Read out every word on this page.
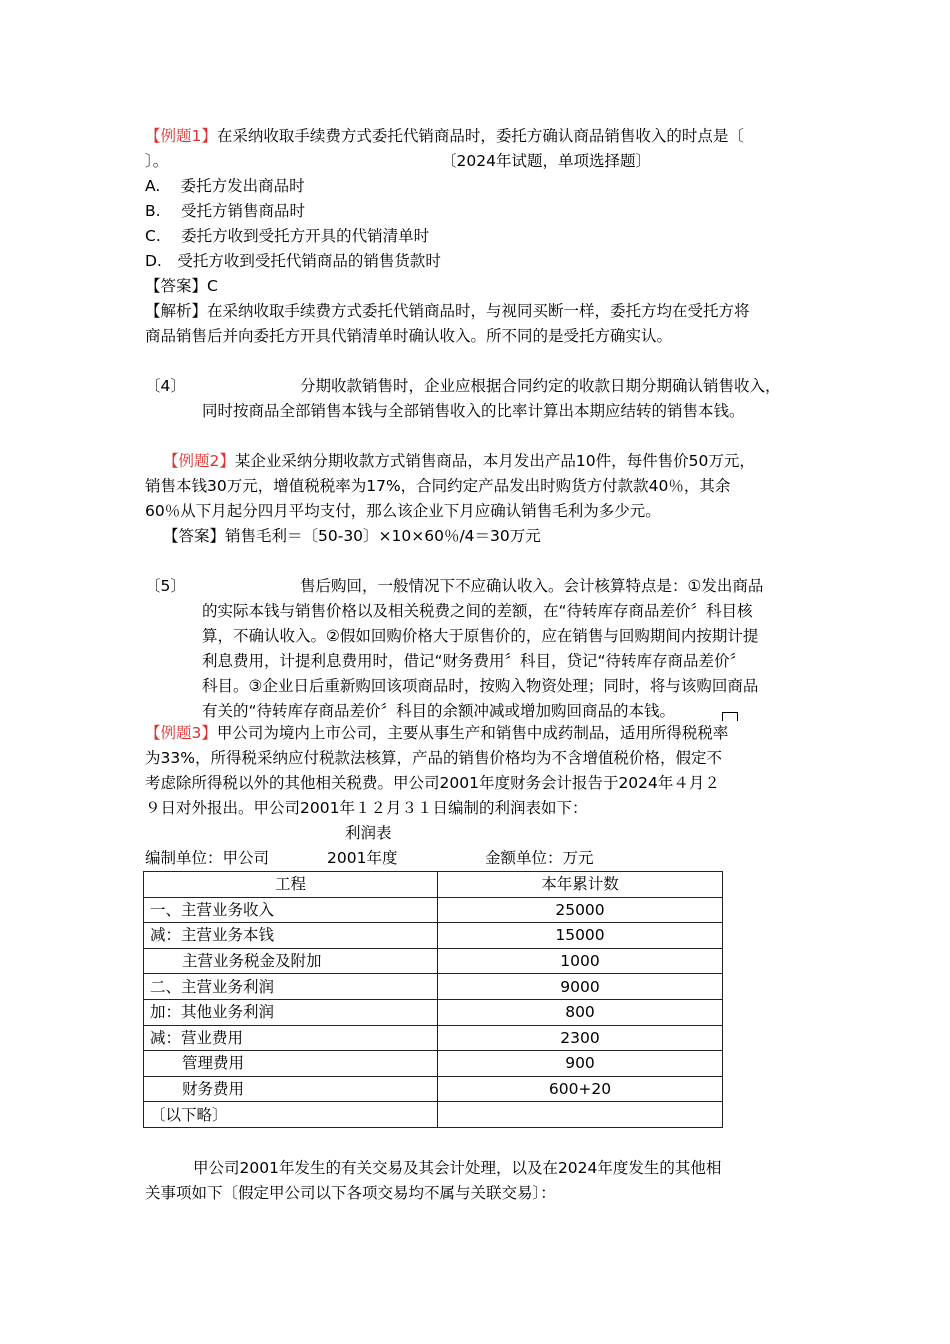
【例题1】在采纳收取手续费方式委托代销商品时，委托方确认商品销售收入的时点是〔
〕。	〔2024年试题，单项选择题〕
A.　 委托方发出商品时
B.　 受托方销售商品时
C.　 委托方收到受托方开具的代销清单时
D.　受托方收到受托代销商品的销售货款时
【答案】C
【解析】在采纳收取手续费方式委托代销商品时，与视同买断一样，委托方均在受托方将
商品销售后并向委托方开具代销清单时确认收入。所不同的是受托方确实认。
〔4〕	分期收款销售时，企业应根据合同约定的收款日期分期确认销售收入，
同时按商品全部销售本钱与全部销售收入的比率计算出本期应结转的销售本钱。
【例题2】某企业采纳分期收款方式销售商品，本月发出产品10件，每件售价50万元，
销售本钱30万元，增值税税率为17%，合同约定产品发出时购货方付款款40％，其余
60％从下月起分四月平均支付，那么该企业下月应确认销售毛利为多少元。
【答案】销售毛利＝〔50-30〕×10×60％/4＝30万元
〔5〕	售后购回，一般情况下不应确认收入。会计核算特点是：①发出商品
的实际本钱与销售价格以及相关税费之间的差额，在“待转库存商品差价〞科目核
算，不确认收入。②假如回购价格大于原售价的，应在销售与回购期间内按期计提
利息费用，计提利息费用时，借记“财务费用〞科目，贷记“待转库存商品差价〞
科目。③企业日后重新购回该项商品时，按购入物资处理；同时，将与该购回商品
有关的“待转库存商品差价〞科目的余额冲减或增加购回商品的本钱。
【例题3】甲公司为境内上市公司，主要从事生产和销售中成药制品，适用所得税税率
为33%，所得税采纳应付税款法核算，产品的销售价格均为不含增值税价格，假定不
考虑除所得税以外的其他相关税费。甲公司2001年度财务会计报告于2024年４月２
９日对外报出。甲公司2001年１２月３１日编制的利润表如下：
利润表
编制单位：甲公司	2001年度	金额单位：万元
工程	本年累计数
一、主营业务收入	25000
减：主营业务本钱	15000
主营业务税金及附加	1000
二、主营业务利润	9000
加：其他业务利润	800
减：营业费用	2300
管理费用	900
财务费用	600+20
〔以下略〕	
甲公司2001年发生的有关交易及其会计处理，以及在2024年度发生的其他相
关事项如下〔假定甲公司以下各项交易均不属与关联交易〕：
